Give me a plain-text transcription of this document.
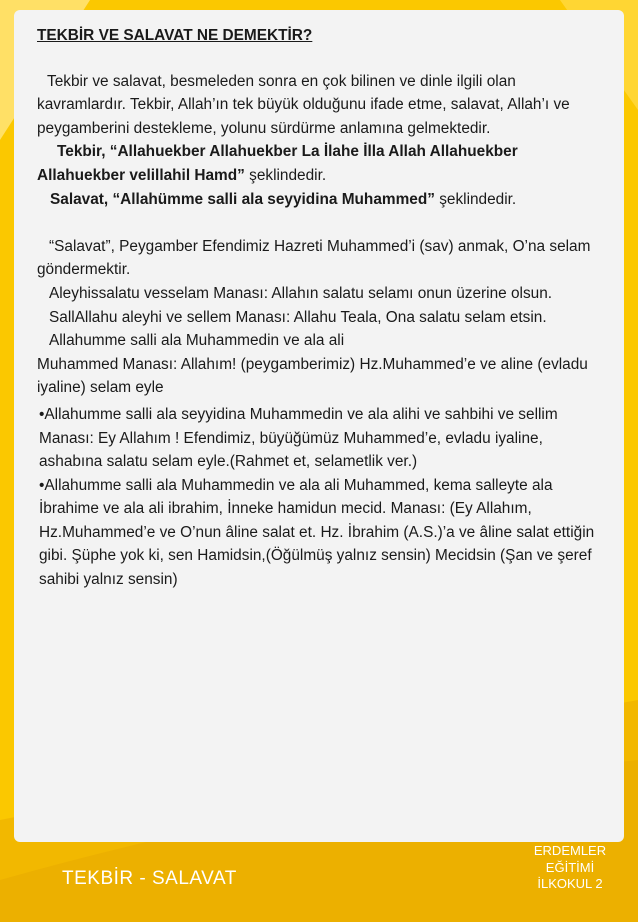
TEKBİR VE SALAVAT NE DEMEKTİR?

Tekbir ve salavat, besmeleden sonra en çok bilinen ve dinle ilgili olan kavramlardır. Tekbir, Allah’ın tek büyük olduğunu ifade etme, salavat, Allah’ı ve peygamberini destekleme, yolunu sürdürme anlamına gelmektedir.

Tekbir, “Allahuekber Allahuekber La İlahe İlla Allah Allahuekber Allahuekber velillahil Hamd” şeklindedir.

Salavat, “Allahümme salli ala seyyidina Muhammed” şeklindedir.

“Salavat”, Peygamber Efendimiz Hazreti Muhammed’i (sav) anmak, O’na selam göndermektir.

Aleyhissalatu vesselam Manası: Allahın salatu selamı onun üzerine olsun.

SallAllahu aleyhi ve sellem Manası: Allahu Teala, Ona salatu selam etsin.

Allahumme salli ala Muhammedin ve ala ali

Muhammed Manası: Allahım! (peygamberimiz) Hz.Muhammed’e ve aline (evladu iyaline) selam eyle

•Allahumme salli ala seyyidina Muhammedin ve ala alihi ve sahbihi ve sellim Manası: Ey Allahım ! Efendimiz, büyüğümüz Muhammed’e, evladu iyaline, ashabına salatu selam eyle.(Rahmet et, selametlik ver.)

•Allahumme salli ala Muhammedin ve ala ali Muhammed, kema salleyte ala İbrahime ve ala ali ibrahim, İnneke hamidun mecid. Manası: (Ey Allahım, Hz.Muhammed’e ve O’nun âline salat et. Hz. İbrahim (A.S.)’a ve âline salat ettiğin gibi. Şüphe yok ki, sen Hamidsin,(Öğülmüş yalnız sensin) Mecidsin (Şan ve şeref sahibi yalnız sensin)

TEKBİR - SALAVAT
ERDEMLER
EĞİTİMİ
İLKOKUL 2
